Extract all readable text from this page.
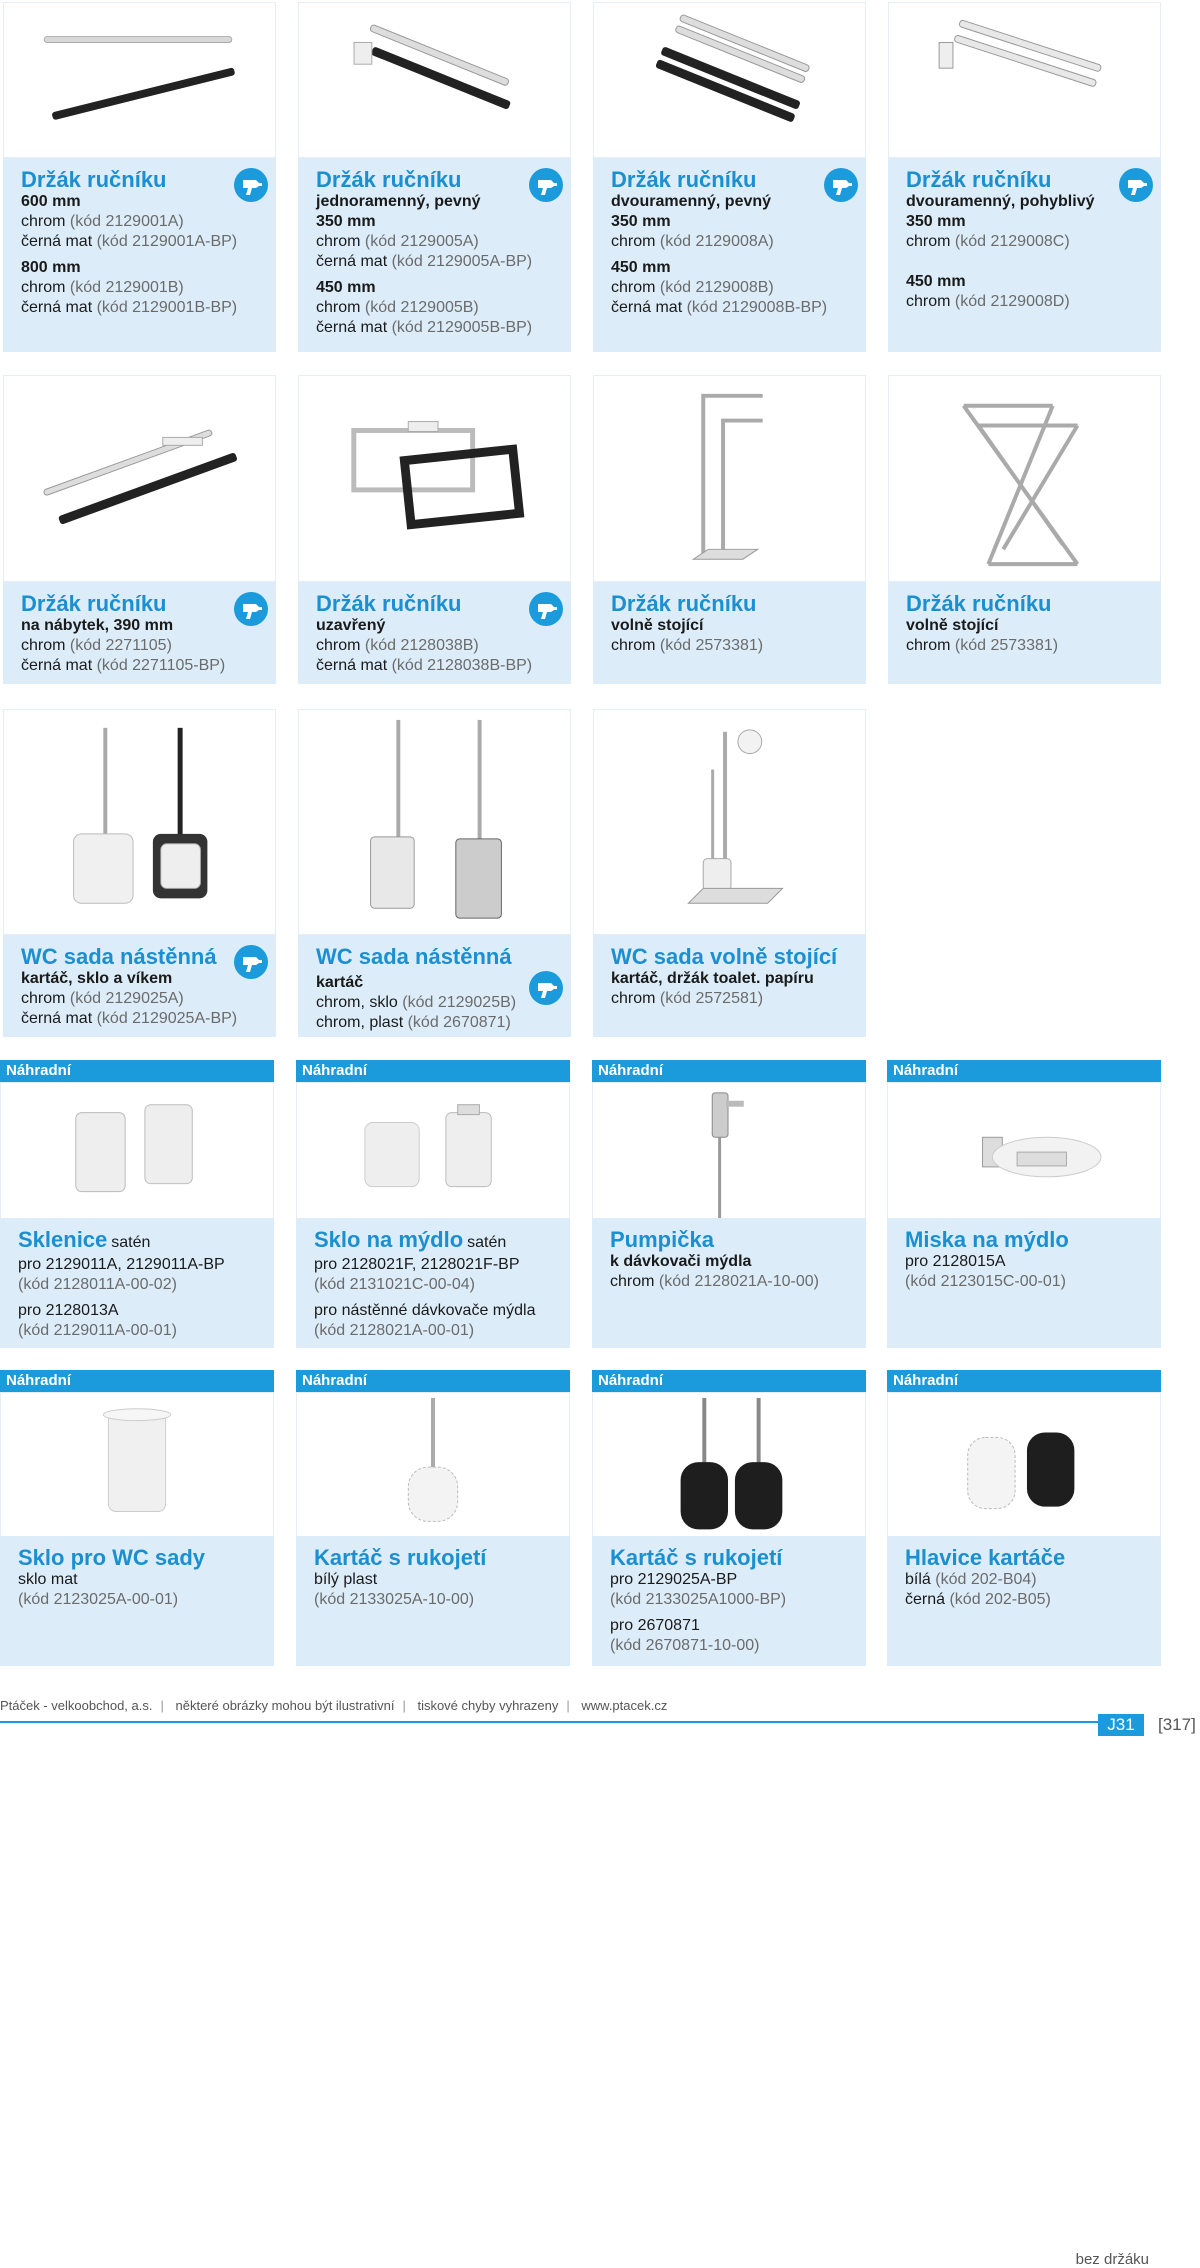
Držák ručníku
600 mm
chrom (kód 2129001A)
černá mat (kód 2129001A-BP)
800 mm
chrom (kód 2129001B)
černá mat (kód 2129001B-BP)
Držák ručníku
jednoramenný, pevný
350 mm
chrom (kód 2129005A)
černá mat (kód 2129005A-BP)
450 mm
chrom (kód 2129005B)
černá mat (kód 2129005B-BP)
Držák ručníku
dvouramenný, pevný
350 mm
chrom (kód 2129008A)
450 mm
chrom (kód 2129008B)
černá mat (kód 2129008B-BP)
Držák ručníku
dvouramenný, pohyblivý
350 mm
chrom (kód 2129008C)
450 mm
chrom (kód 2129008D)
Držák ručníku
na nábytek, 390 mm
chrom (kód 2271105)
černá mat (kód 2271105-BP)
Držák ručníku
uzavřený
chrom (kód 2128038B)
černá mat (kód 2128038B-BP)
Držák ručníku
volně stojící
chrom (kód 2573381)
Držák ručníku
volně stojící
chrom (kód 2573381)
WC sada nástěnná
kartáč, sklo a víkem
chrom (kód 2129025A)
černá mat (kód 2129025A-BP)
WC sada nástěnná
kartáč
chrom, sklo (kód 2129025B)
chrom, plast (kód 2670871)
WC sada volně stojící
kartáč, držák toalet. papíru
chrom (kód 2572581)
Náhradní
Sklenice satén
pro 2129011A, 2129011A-BP
(kód 2128011A-00-02)
pro 2128013A
(kód 2129011A-00-01)
Náhradní
Sklo na mýdlo satén
pro 2128021F, 2128021F-BP
(kód 2131021C-00-04)
pro nástěnné dávkovače mýdla
(kód 2128021A-00-01)
Náhradní
Pumpička
k dávkovači mýdla
chrom (kód 2128021A-10-00)
Náhradní
bez držáku
Miska na mýdlo
pro 2128015A
(kód 2123015C-00-01)
Náhradní
Sklo pro WC sady
sklo mat
(kód 2123025A-00-01)
Náhradní
Kartáč s rukojetí
bílý plast
(kód 2133025A-10-00)
Náhradní
Kartáč s rukojetí
pro 2129025A-BP
(kód 2133025A1000-BP)
pro 2670871
(kód 2670871-10-00)
Náhradní
Hlavice kartáče
bílá (kód 202-B04)
černá (kód 202-B05)
Ptáček - velkoobchod, a.s. | některé obrázky mohou být ilustrativní | tiskové chyby vyhrazeny | www.ptacek.cz
J31	[317]
